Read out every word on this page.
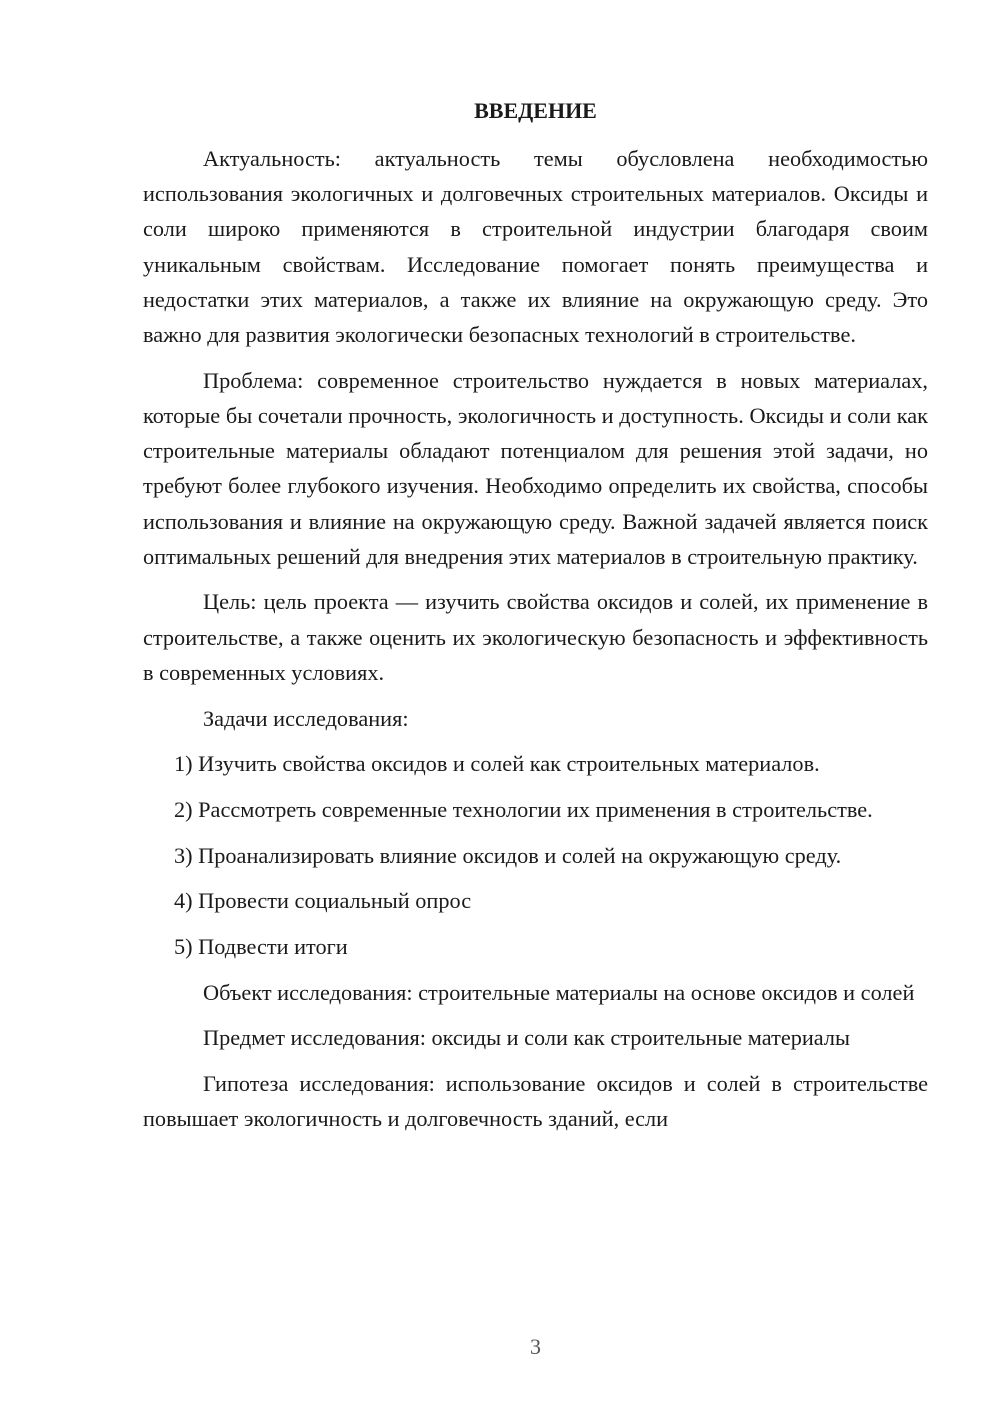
ВВЕДЕНИЕ

Актуальность: актуальность темы обусловлена необходимостью использования экологичных и долговечных строительных материалов. Оксиды и соли широко применяются в строительной индустрии благодаря своим уникальным свойствам. Исследование помогает понять преимущества и недостатки этих материалов, а также их влияние на окружающую среду. Это важно для развития экологически безопасных технологий в строительстве.

Проблема: современное строительство нуждается в новых материалах, которые бы сочетали прочность, экологичность и доступность. Оксиды и соли как строительные материалы обладают потенциалом для решения этой задачи, но требуют более глубокого изучения. Необходимо определить их свойства, способы использования и влияние на окружающую среду. Важной задачей является поиск оптимальных решений для внедрения этих материалов в строительную практику.

Цель: цель проекта — изучить свойства оксидов и солей, их применение в строительстве, а также оценить их экологическую безопасность и эффективность в современных условиях.

Задачи исследования:

1) Изучить свойства оксидов и солей как строительных материалов.

2) Рассмотреть современные технологии их применения в строительстве.

3) Проанализировать влияние оксидов и солей на окружающую среду.

4) Провести социальный опрос

5) Подвести итоги

Объект исследования: строительные материалы на основе оксидов и солей

Предмет исследования: оксиды и соли как строительные материалы

Гипотеза исследования: использование оксидов и солей в строительстве повышает экологичность и долговечность зданий, если

3
